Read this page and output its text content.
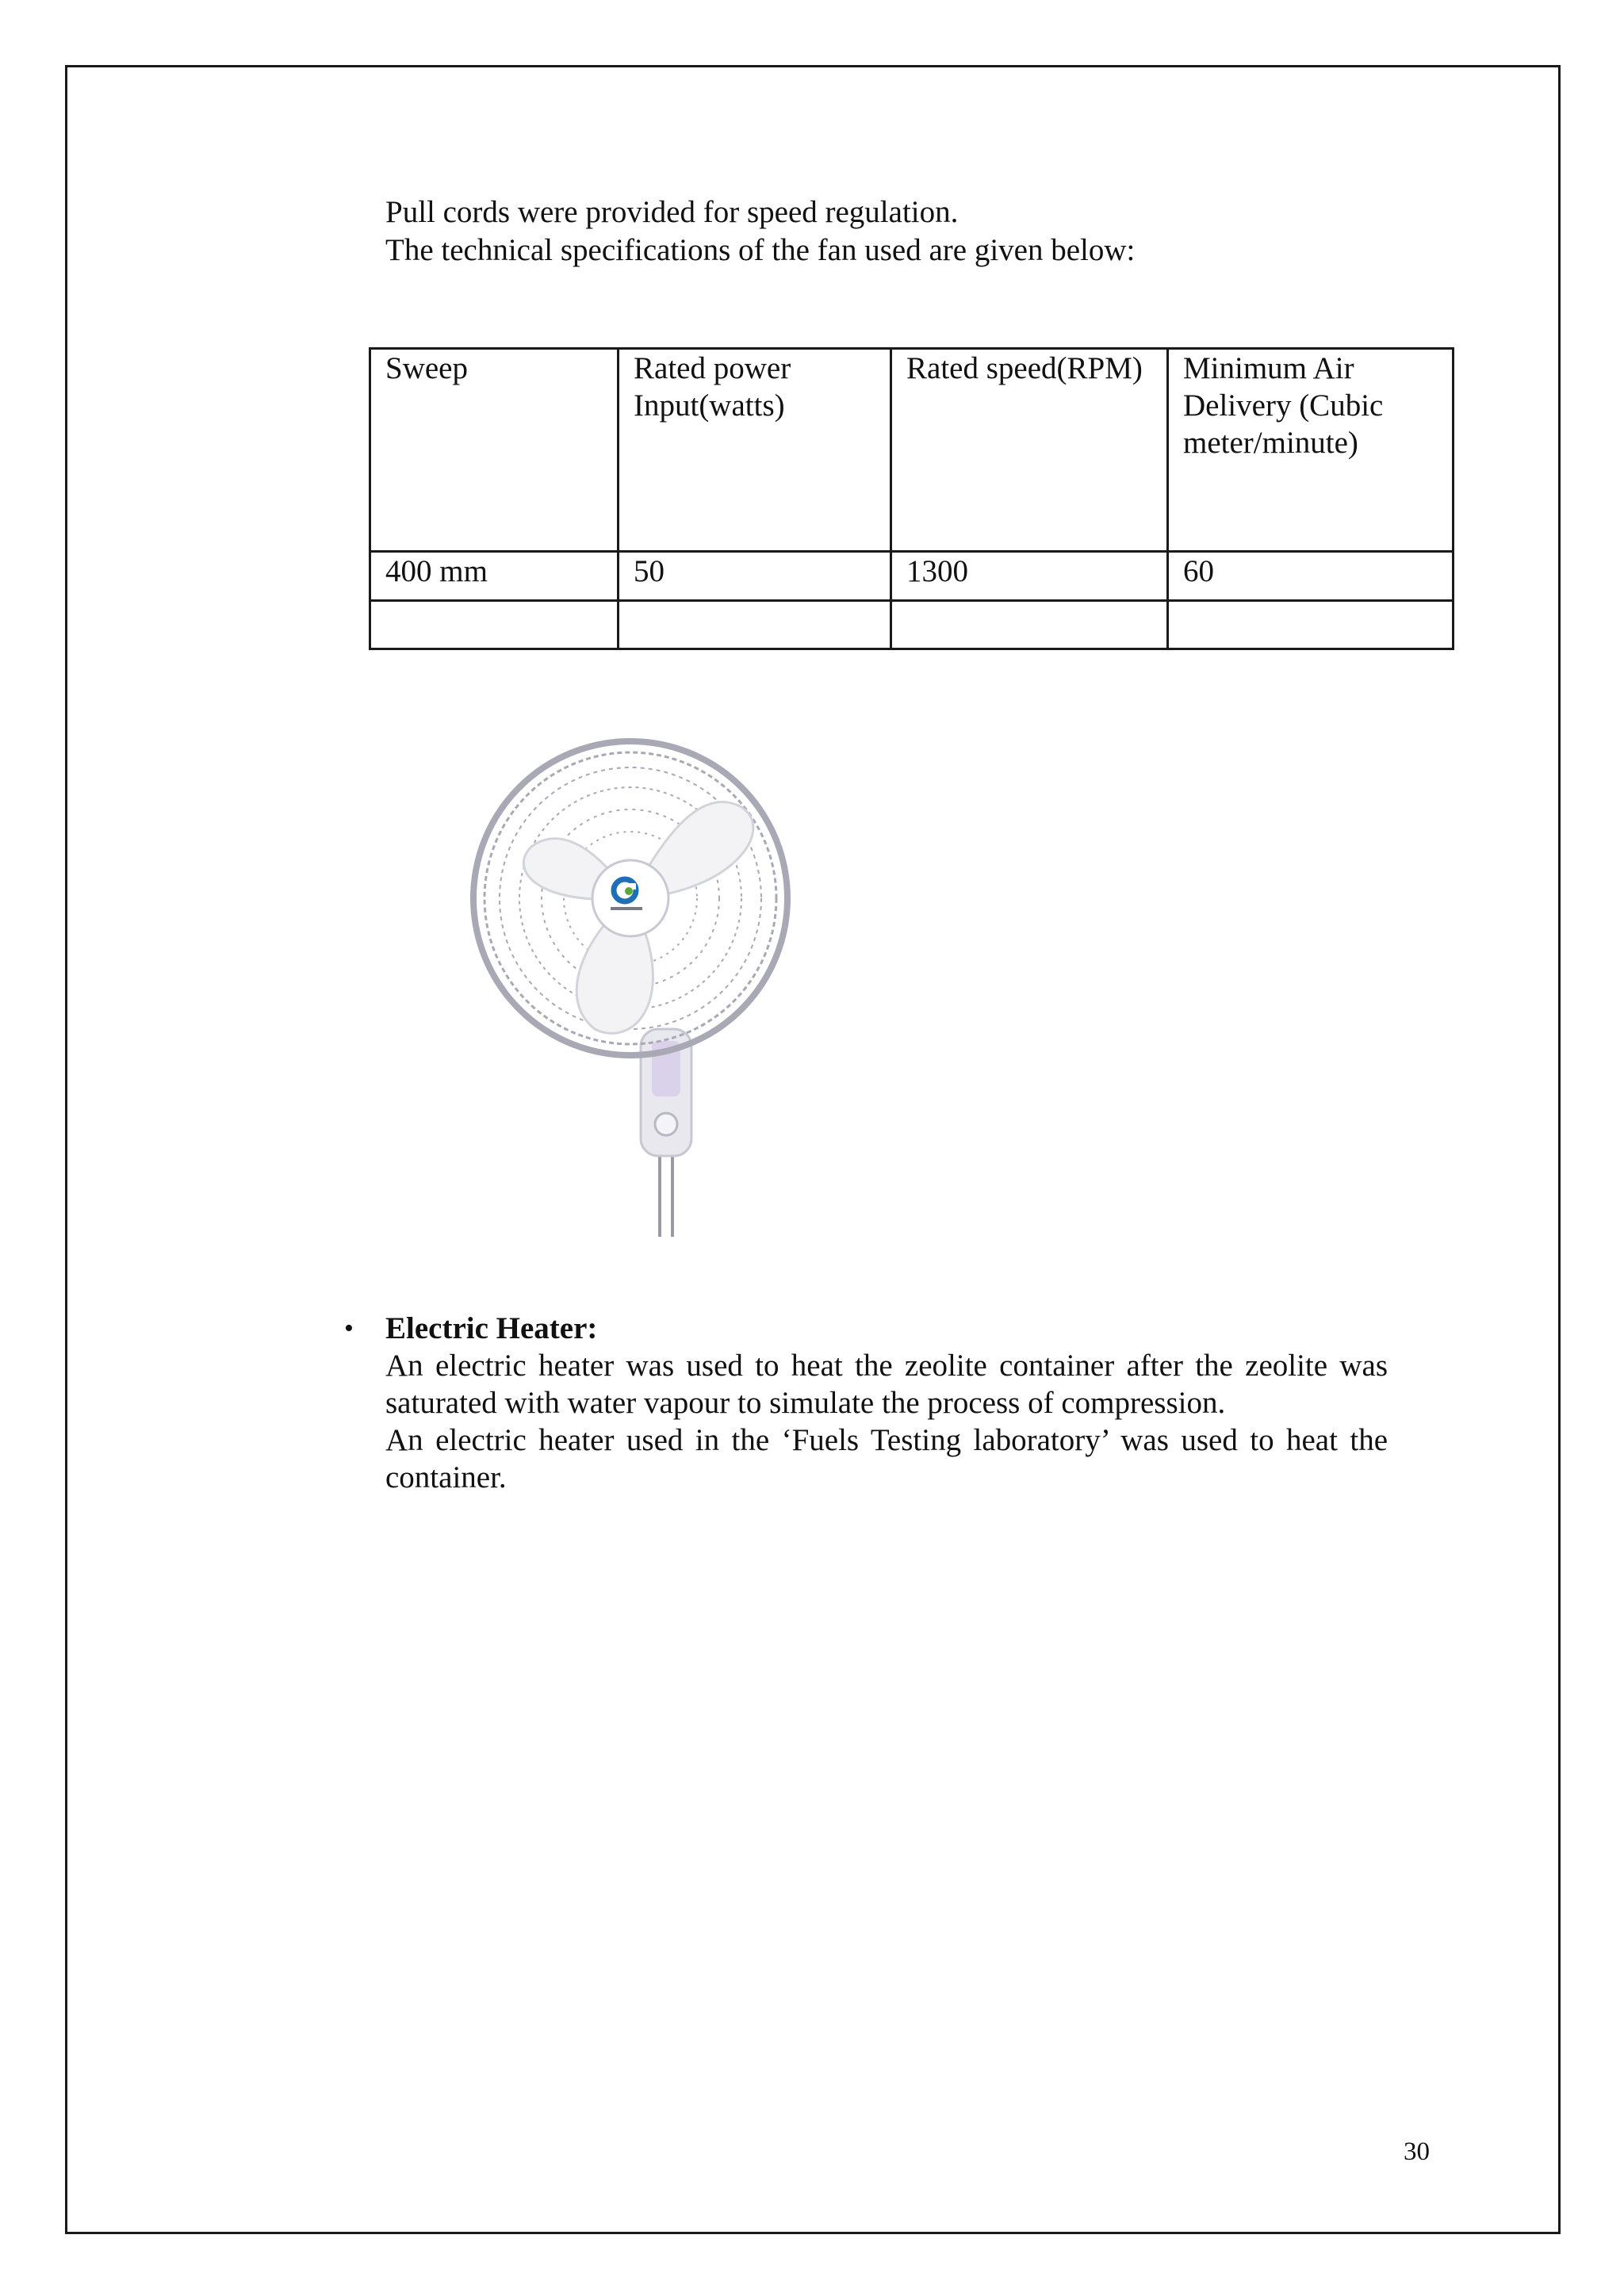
Pull cords were provided for speed regulation.

The technical specifications of the fan used are given below:

Sweep	Rated power Input(watts)	Rated speed(RPM)	Minimum Air Delivery (Cubic meter/minute)
400 mm	50	1300	60

•	Electric Heater:

An electric heater was used to heat the zeolite container after the zeolite was saturated with water vapour to simulate the process of compression.

An electric heater used in the ‘Fuels Testing laboratory’ was used to heat the container.

30
